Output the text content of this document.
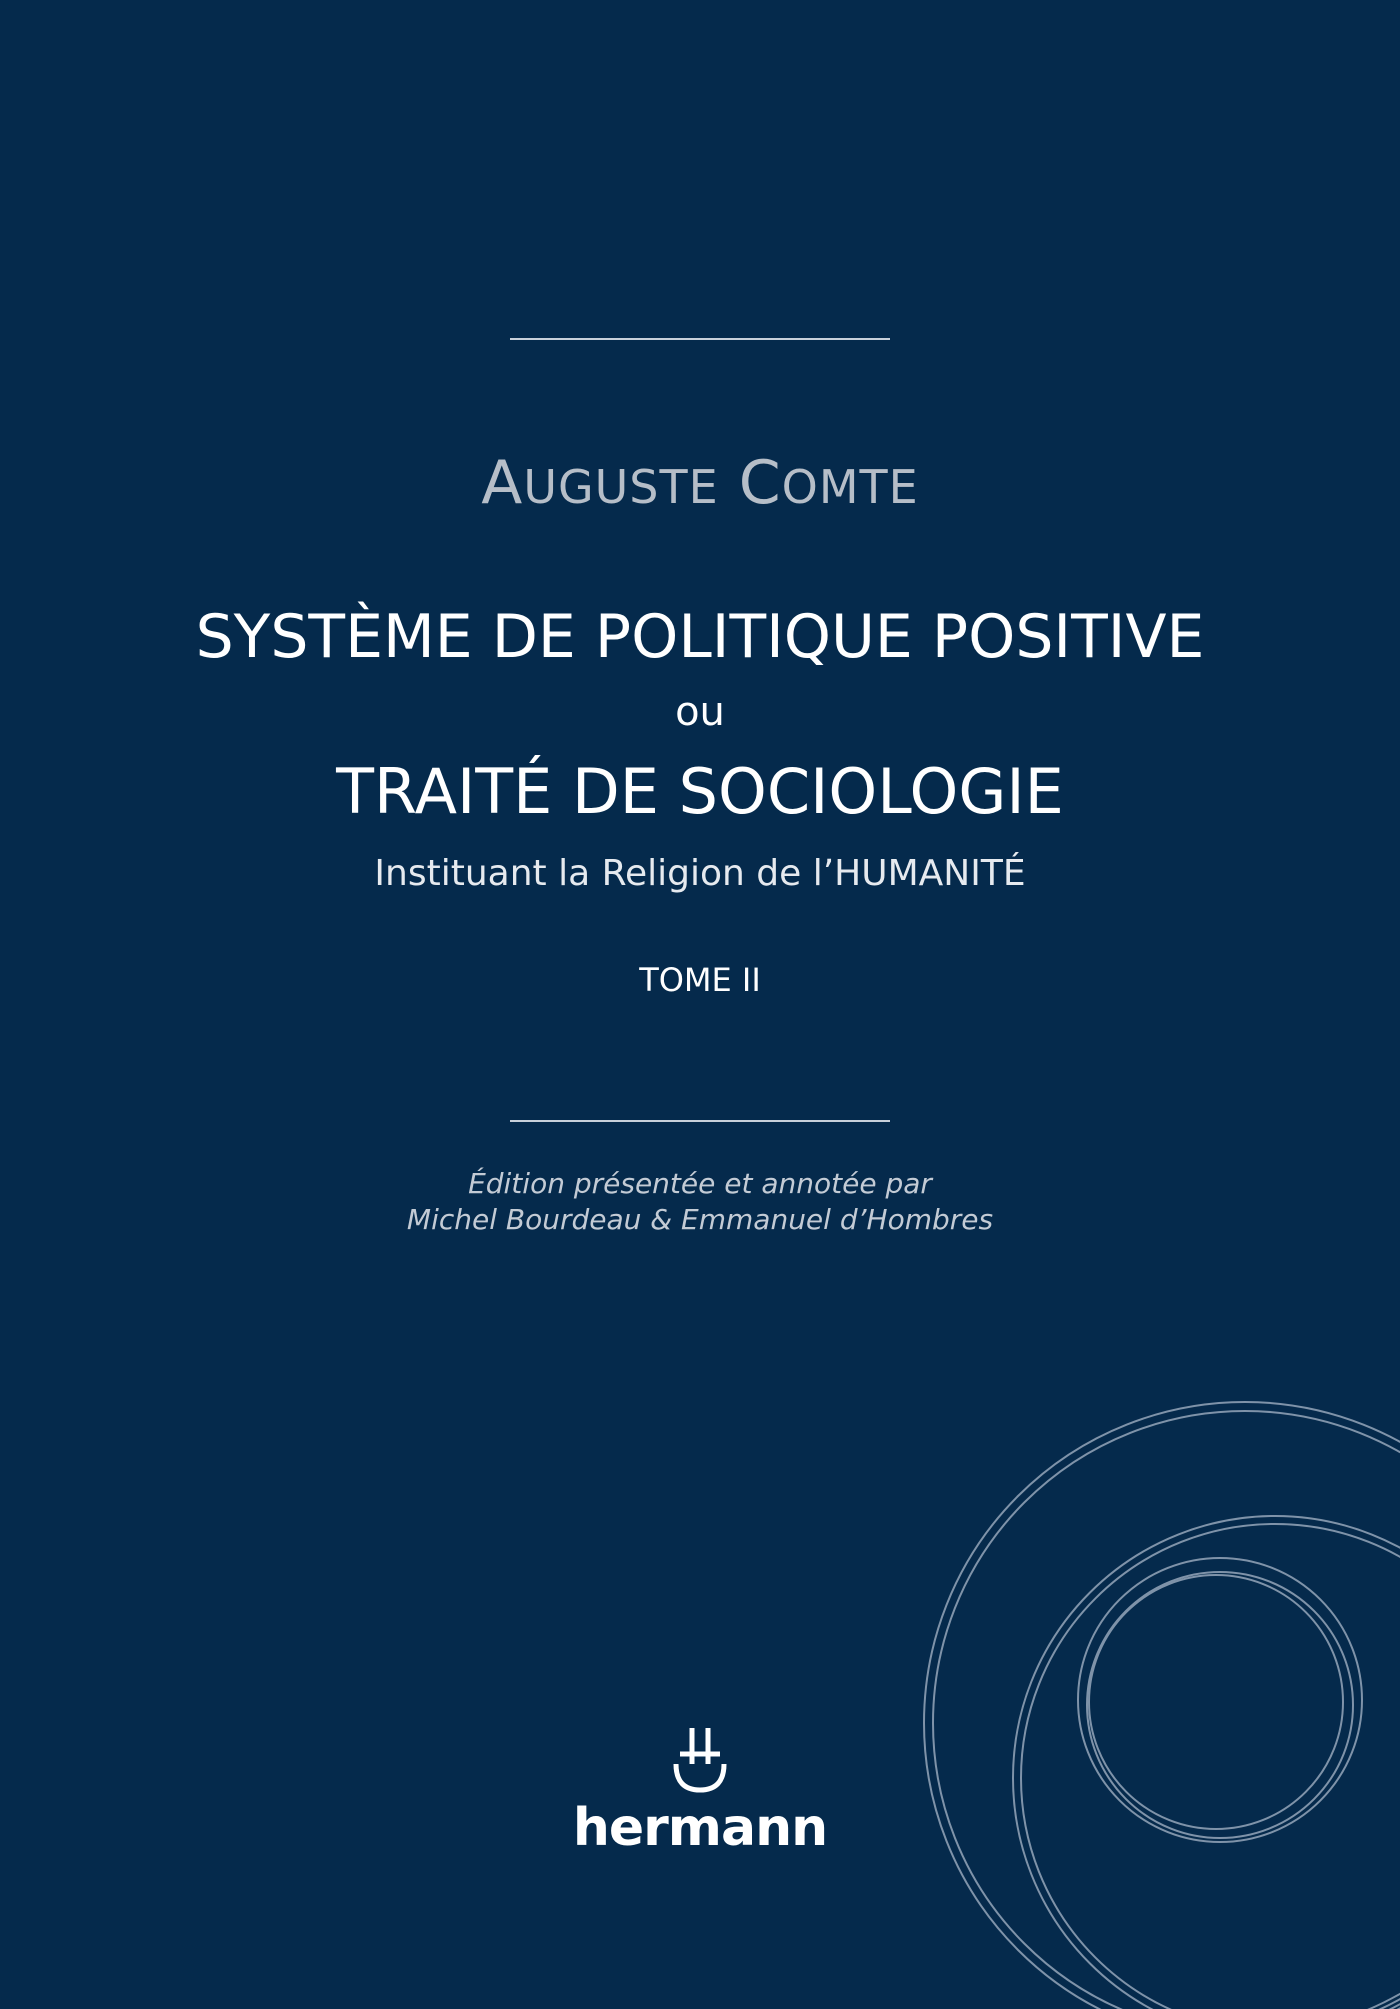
AUGUSTE COMTE
SYSTÈME DE POLITIQUE POSITIVE
ou
TRAITÉ DE SOCIOLOGIE
Instituant la Religion de l’HUMANITÉ
TOME II
Édition présentée et annotée par
Michel Bourdeau & Emmanuel d’Hombres
hermann
